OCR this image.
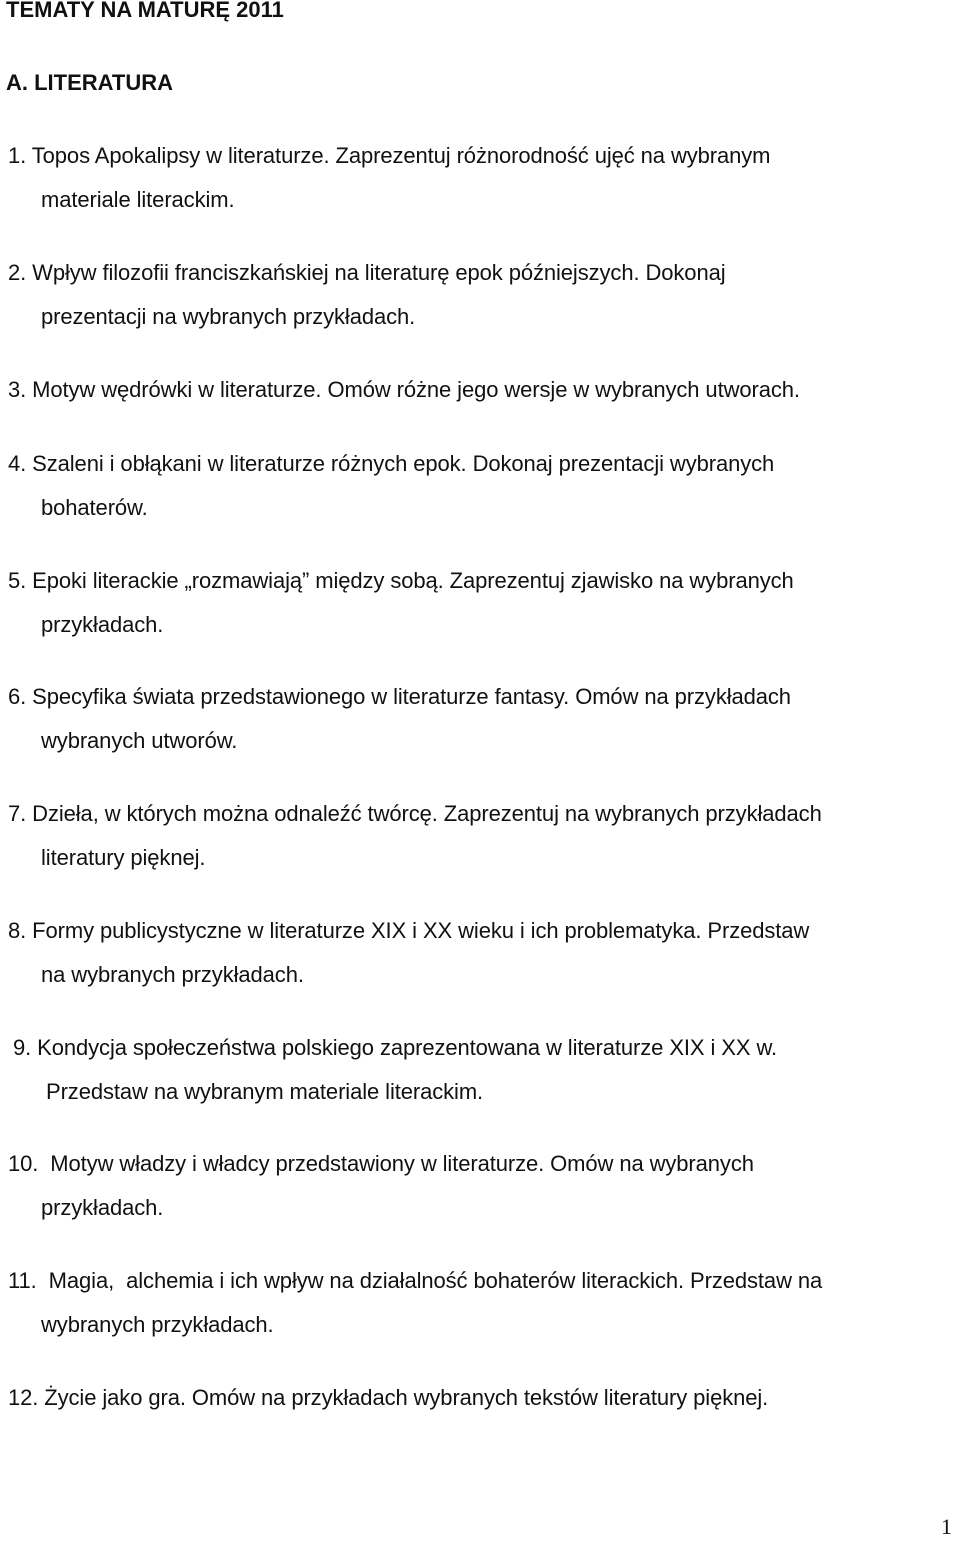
TEMATY NA MATURĘ 2011
A. LITERATURA
1. Topos Apokalipsy w literaturze. Zaprezentuj różnorodność ujęć na wybranym
materiale literackim.
2. Wpływ filozofii franciszkańskiej na literaturę epok późniejszych. Dokonaj
prezentacji na wybranych przykładach.
3. Motyw wędrówki w literaturze. Omów różne jego wersje w wybranych utworach.
4. Szaleni i obłąkani w literaturze różnych epok. Dokonaj prezentacji wybranych
bohaterów.
5. Epoki literackie „rozmawiają” między sobą. Zaprezentuj zjawisko na wybranych
przykładach.
6. Specyfika świata przedstawionego w literaturze fantasy. Omów na przykładach
wybranych utworów.
7. Dzieła, w których można odnaleźć twórcę. Zaprezentuj na wybranych przykładach
literatury pięknej.
8. Formy publicystyczne w literaturze XIX i XX wieku i ich problematyka. Przedstaw
na wybranych przykładach.
9. Kondycja społeczeństwa polskiego zaprezentowana w literaturze XIX i XX w.
Przedstaw na wybranym materiale literackim.
10.  Motyw władzy i władcy przedstawiony w literaturze. Omów na wybranych
przykładach.
11.  Magia,  alchemia i ich wpływ na działalność bohaterów literackich. Przedstaw na
wybranych przykładach.
12. Życie jako gra. Omów na przykładach wybranych tekstów literatury pięknej.
1
